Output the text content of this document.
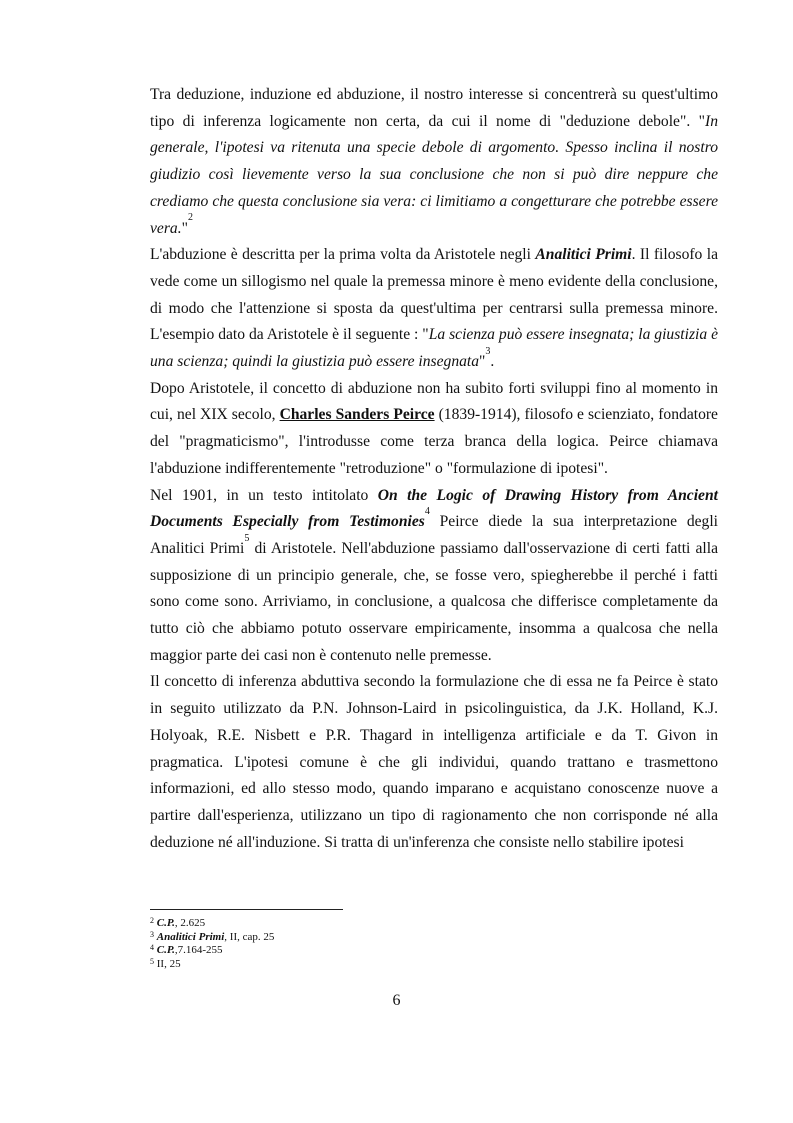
Tra deduzione, induzione ed abduzione, il nostro interesse si concentrerà su quest'ultimo tipo di inferenza logicamente non certa, da cui il nome di "deduzione debole". "In generale, l'ipotesi va ritenuta una specie debole di argomento. Spesso inclina il nostro giudizio così lievemente verso la sua conclusione che non si può dire neppure che crediamo che questa conclusione sia vera: ci limitiamo a congetturare che potrebbe essere vera."$^2$

L'abduzione è descritta per la prima volta da Aristotele negli Analitici Primi. Il filosofo la vede come un sillogismo nel quale la premessa minore è meno evidente della conclusione, di modo che l'attenzione si sposta da quest'ultima per centrarsi sulla premessa minore. L'esempio dato da Aristotele è il seguente : "La scienza può essere insegnata; la giustizia è una scienza; quindi la giustizia può essere insegnata"$^3$.

Dopo Aristotele, il concetto di abduzione non ha subito forti sviluppi fino al momento in cui, nel XIX secolo, Charles Sanders Peirce (1839-1914), filosofo e scienziato, fondatore del "pragmaticismo", l'introdusse come terza branca della logica. Peirce chiamava l'abduzione indifferentemente "retroduzione" o "formulazione di ipotesi".

Nel 1901, in un testo intitolato On the Logic of Drawing History from Ancient Documents Especially from Testimonies$^4$ Peirce diede la sua interpretazione degli Analitici Primi$^5$ di Aristotele. Nell'abduzione passiamo dall'osservazione di certi fatti alla supposizione di un principio generale, che, se fosse vero, spiegherebbe il perché i fatti sono come sono. Arriviamo, in conclusione, a qualcosa che differisce completamente da tutto ciò che abbiamo potuto osservare empiricamente, insomma a qualcosa che nella maggior parte dei casi non è contenuto nelle premesse.

Il concetto di inferenza abduttiva secondo la formulazione che di essa ne fa Peirce è stato in seguito utilizzato da P.N. Johnson-Laird in psicolinguistica, da J.K. Holland, K.J. Holyoak, R.E. Nisbett e P.R. Thagard in intelligenza artificiale e da T. Givon in pragmatica. L'ipotesi comune è che gli individui, quando trattano e trasmettono informazioni, ed allo stesso modo, quando imparano e acquistano conoscenze nuove a partire dall'esperienza, utilizzano un tipo di ragionamento che non corrisponde né alla deduzione né all'induzione. Si tratta di un'inferenza che consiste nello stabilire ipotesi

$^2$ C.P., 2.625
$^3$ Analitici Primi, II, cap. 25
$^4$ C.P.,7.164-255
$^5$ II, 25
6
